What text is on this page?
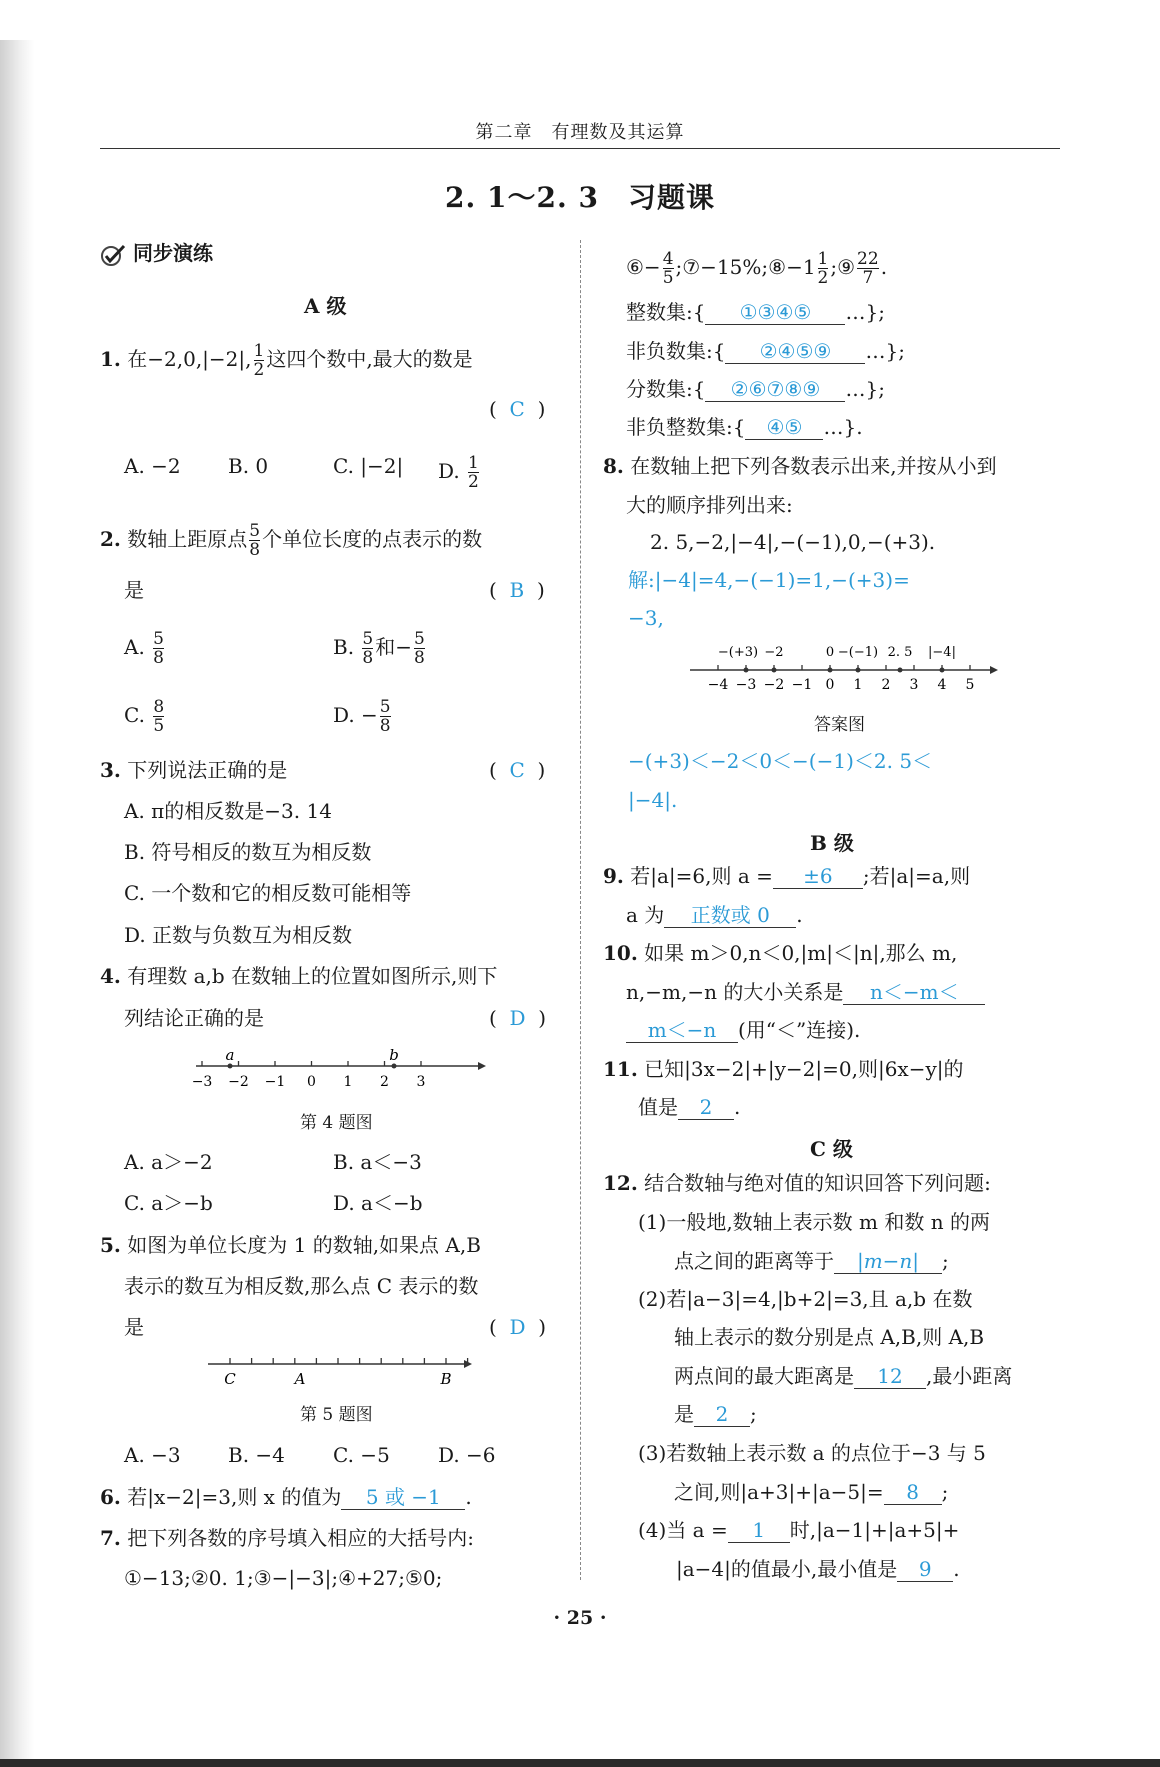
第二章　有理数及其运算
2. 1～2. 3　习题课
同步演练
A 级
1. 在−2,0,|−2|, $\frac{1}{2}$ 这四个数中,最大的数是
( C )
A. −2 B. 0	C. |−2| D. $\frac{1}{2}$
2. 数轴上距原点 $\frac{5}{8}$ 个单位长度的点表示的数
是	(  B  )
A. $\frac{5}{8}$	B. $\frac{5}{8}$ 和− $\frac{5}{8}$
C. $\frac{8}{5}$	D. − $\frac{5}{8}$
3. 下列说法正确的是	(  C  )
A. π的相反数是−3. 14
B. 符号相反的数互为相反数
C. 一个数和它的相反数可能相等
D. 正数与负数互为相反数
4. 有理数 a,b 在数轴上的位置如图所示,则下
列结论正确的是	(  D  )
−3 −2 −1 0 1 2 3
a	b
第 4 题图
A. a＞−2	B. a＜−3
C. a＞−b	D. a＜−b
5. 如图为单位长度为 1 的数轴,如果点 A,B
表示的数互为相反数,那么点 C 表示的数
是	(  D  )
C	A	B
第 5 题图
A. −3 B. −4 C. −5 D. −6
6. 若|x−2|=3,则 x 的值为 5 或 −1 .
7. 把下列各数的序号填入相应的大括号内:
①−13;②0. 1;③−|−3|;④+27;⑤0;
⑥− $\frac{4}{5}$ ;⑦−15%;⑧−1 $\frac{1}{2}$ ;⑨ $\frac{22}{7}$ .
整数集:{ ①③④⑤ …};
非负数集:{ ②④⑤⑨ …};
分数集:{ ②⑥⑦⑧⑨ …};
非负整数集:{ ④⑤ …}.
8. 在数轴上把下列各数表示出来,并按从小到
大的顺序排列出来:
2. 5,−2,|−4|,−(−1),0,−(+3).
解:|−4|=4,−(−1)=1,−(+3)=
−3,
−4 −3 −2 −1 0 1 2 3 4 5
−(+3) −2	0 −(−1) 2. 5 |−4|
答案图
−(+3)＜−2＜0＜−(−1)＜2. 5＜
|−4|.
B 级
9. 若|a|=6,则 a = ±6 ;若|a|=a,则
a 为 正数或 0 .
10. 如果 m＞0,n＜0,|m|＜|n|,那么 m,
n,−m,−n 的大小关系是 n＜−m＜
m＜−n (用“＜”连接).
11. 已知|3x−2|+|y−2|=0,则|6x−y|的
值是 2 .
C 级
12. 结合数轴与绝对值的知识回答下列问题:
(1)一般地,数轴上表示数 m 和数 n 的两
点之间的距离等于 |m−n| ;
(2)若|a−3|=4,|b+2|=3,且 a,b 在数
轴上表示的数分别是点 A,B,则 A,B
两点间的最大距离是 12 ,最小距离
是 2 ;
(3)若数轴上表示数 a 的点位于−3 与 5
之间,则|a+3|+|a−5|= 8 ;
(4)当 a = 1 时,|a−1|+|a+5|+
|a−4|的值最小,最小值是 9 .
· 25 ·
